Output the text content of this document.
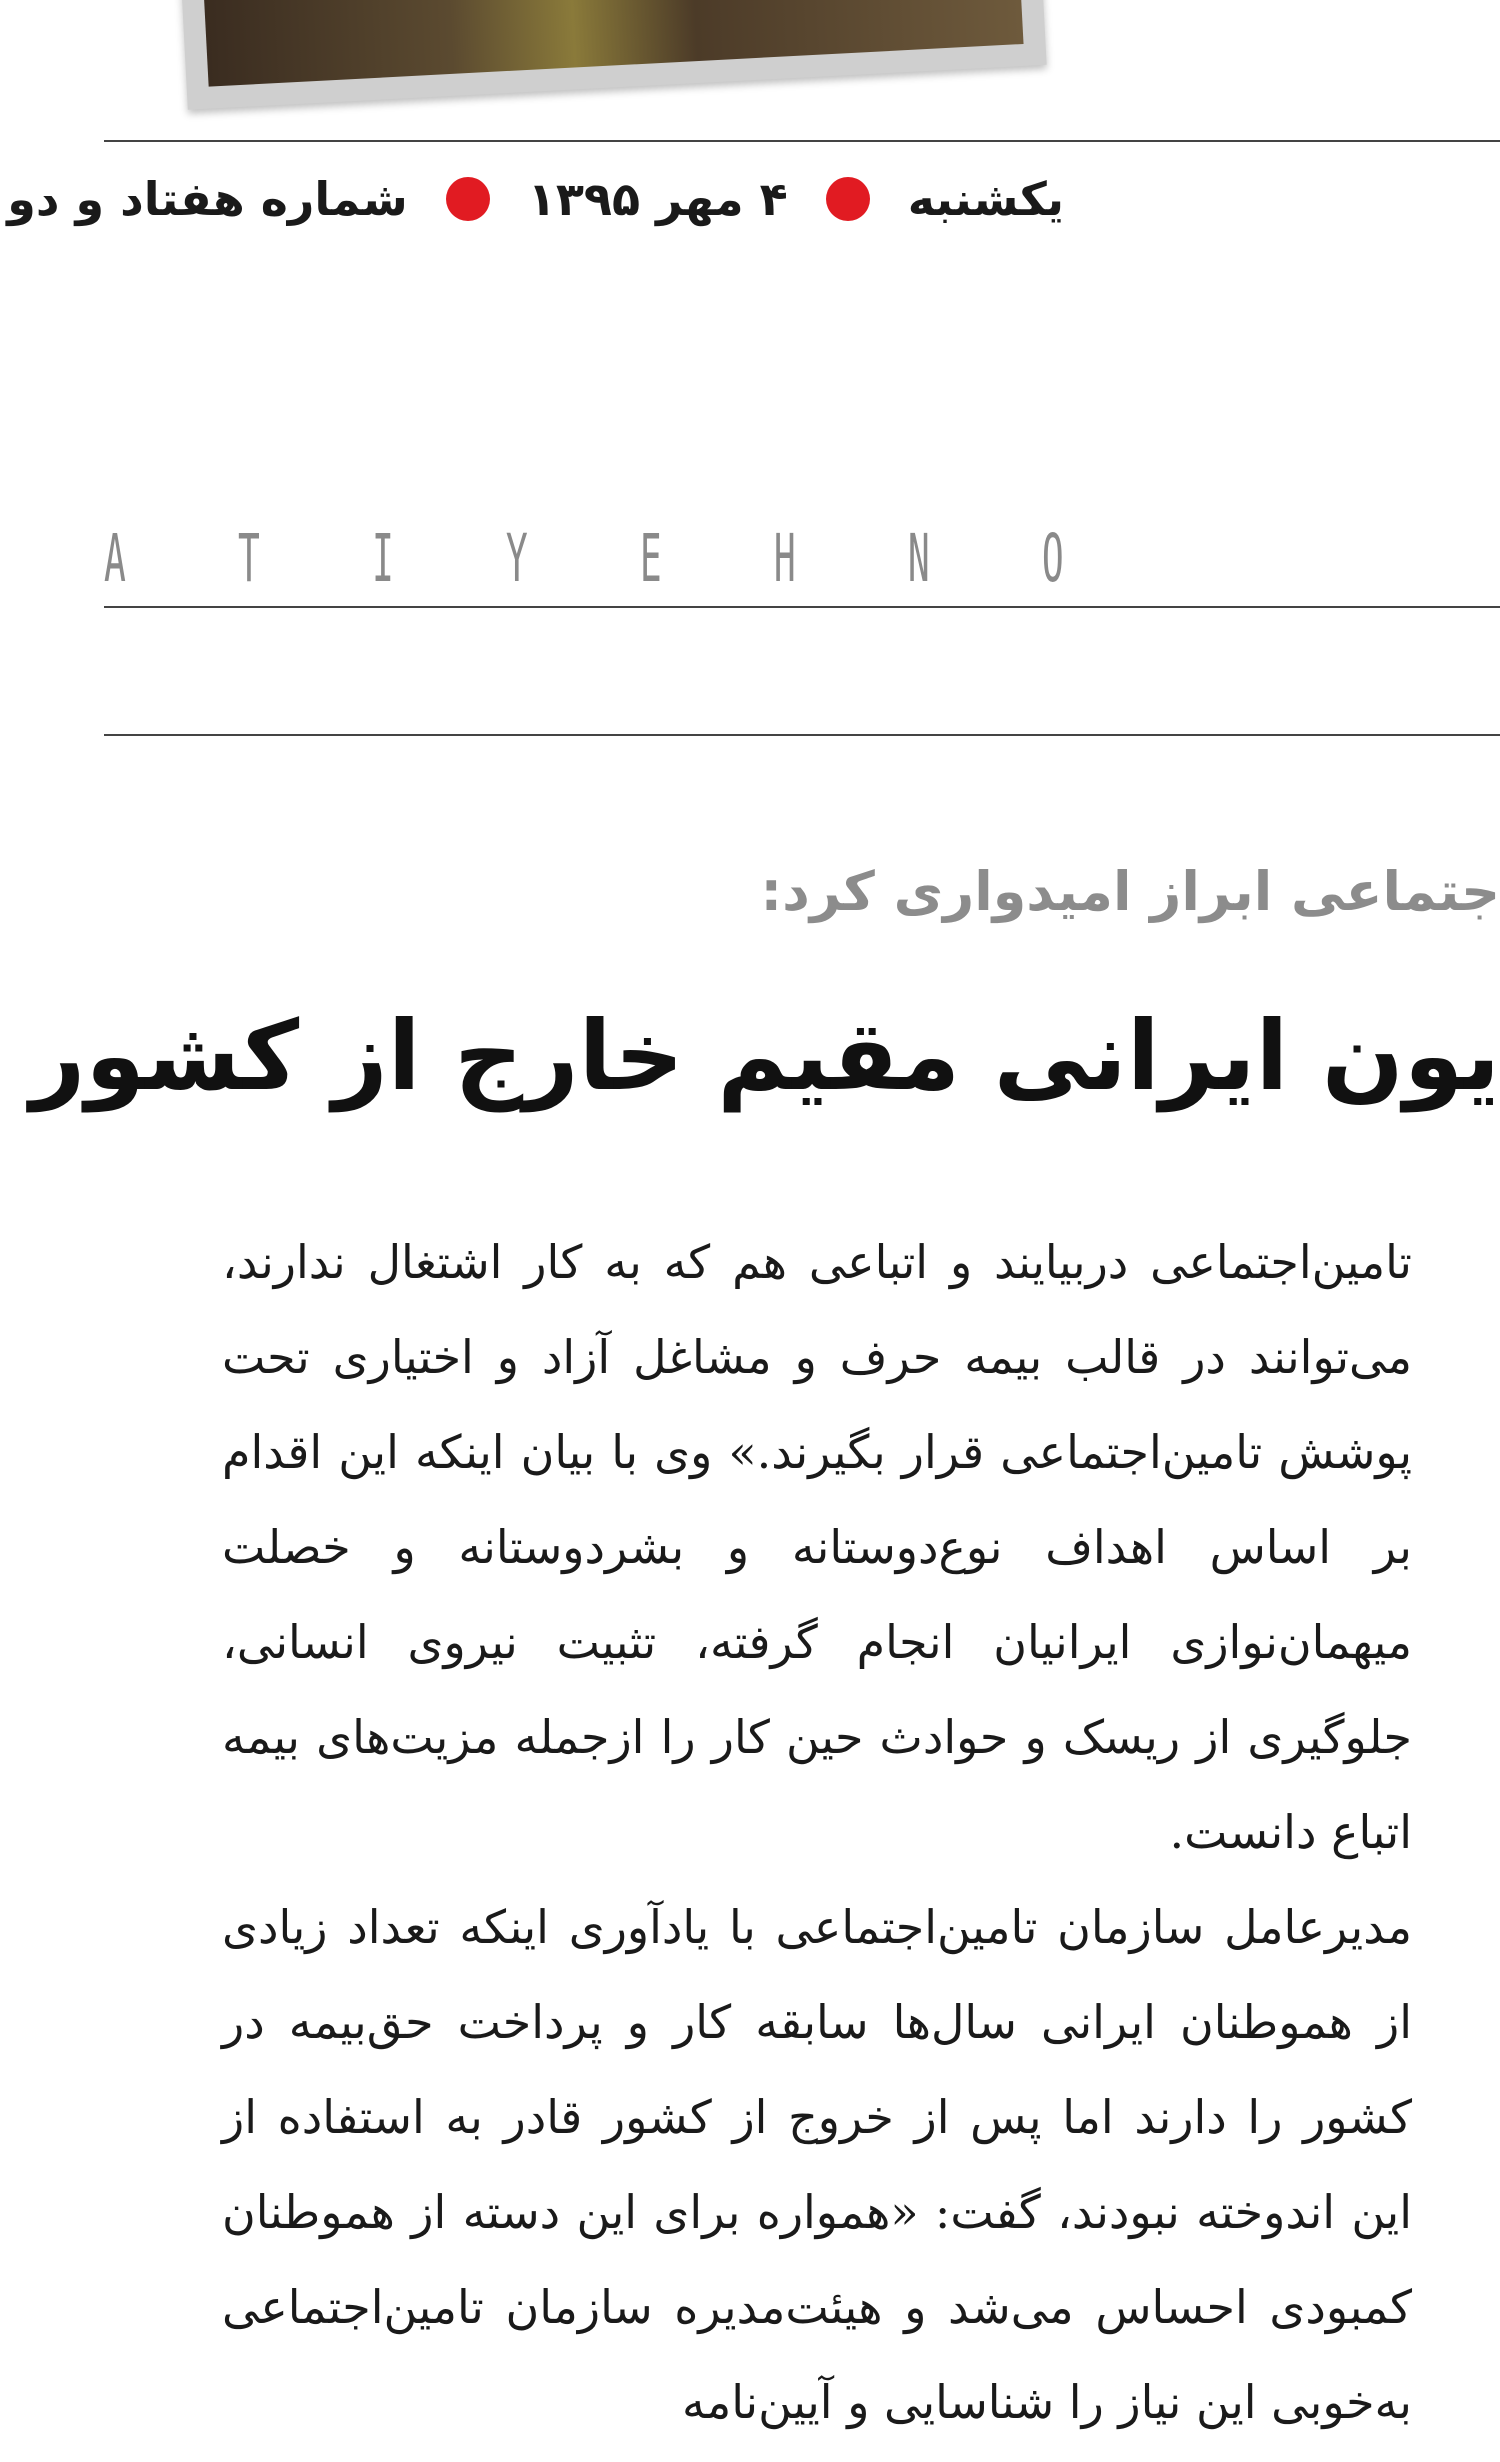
یکشنبه  ۴ مهر ۱۳۹۵  شماره هفتاد و دو
A T I Y E H N O
جتماعی ابراز امیدواری کرد:
یون ایرانی مقیم خارج از کشور

تامین‌اجتماعی دربیایند و اتباعی هم که به کار اشتغال ندارند، می‌توانند در قالب بیمه حرف و مشاغل آزاد و اختیاری تحت پوشش تامین‌اجتماعی قرار بگیرند.» وی با بیان اینکه این اقدام بر اساس اهداف نوع‌دوستانه و بشردوستانه و خصلت میهمان‌نوازی ایرانیان انجام گرفته، تثبیت نیروی انسانی، جلوگیری از ریسک و حوادث حین کار را ازجمله مزیت‌های بیمه اتباع دانست.

مدیرعامل سازمان تامین‌اجتماعی با یادآوری اینکه تعداد زیادی از هموطنان ایرانی سال‌ها سابقه کار و پرداخت حق‌بیمه در کشور را دارند اما پس از خروج از کشور قادر به استفاده از این اندوخته نبودند، گفت: «همواره برای این دسته از هموطنان کمبودی احساس می‌شد و هیئت‌مدیره سازمان تامین‌اجتماعی به‌خوبی این نیاز را شناسایی و آیین‌نامه
